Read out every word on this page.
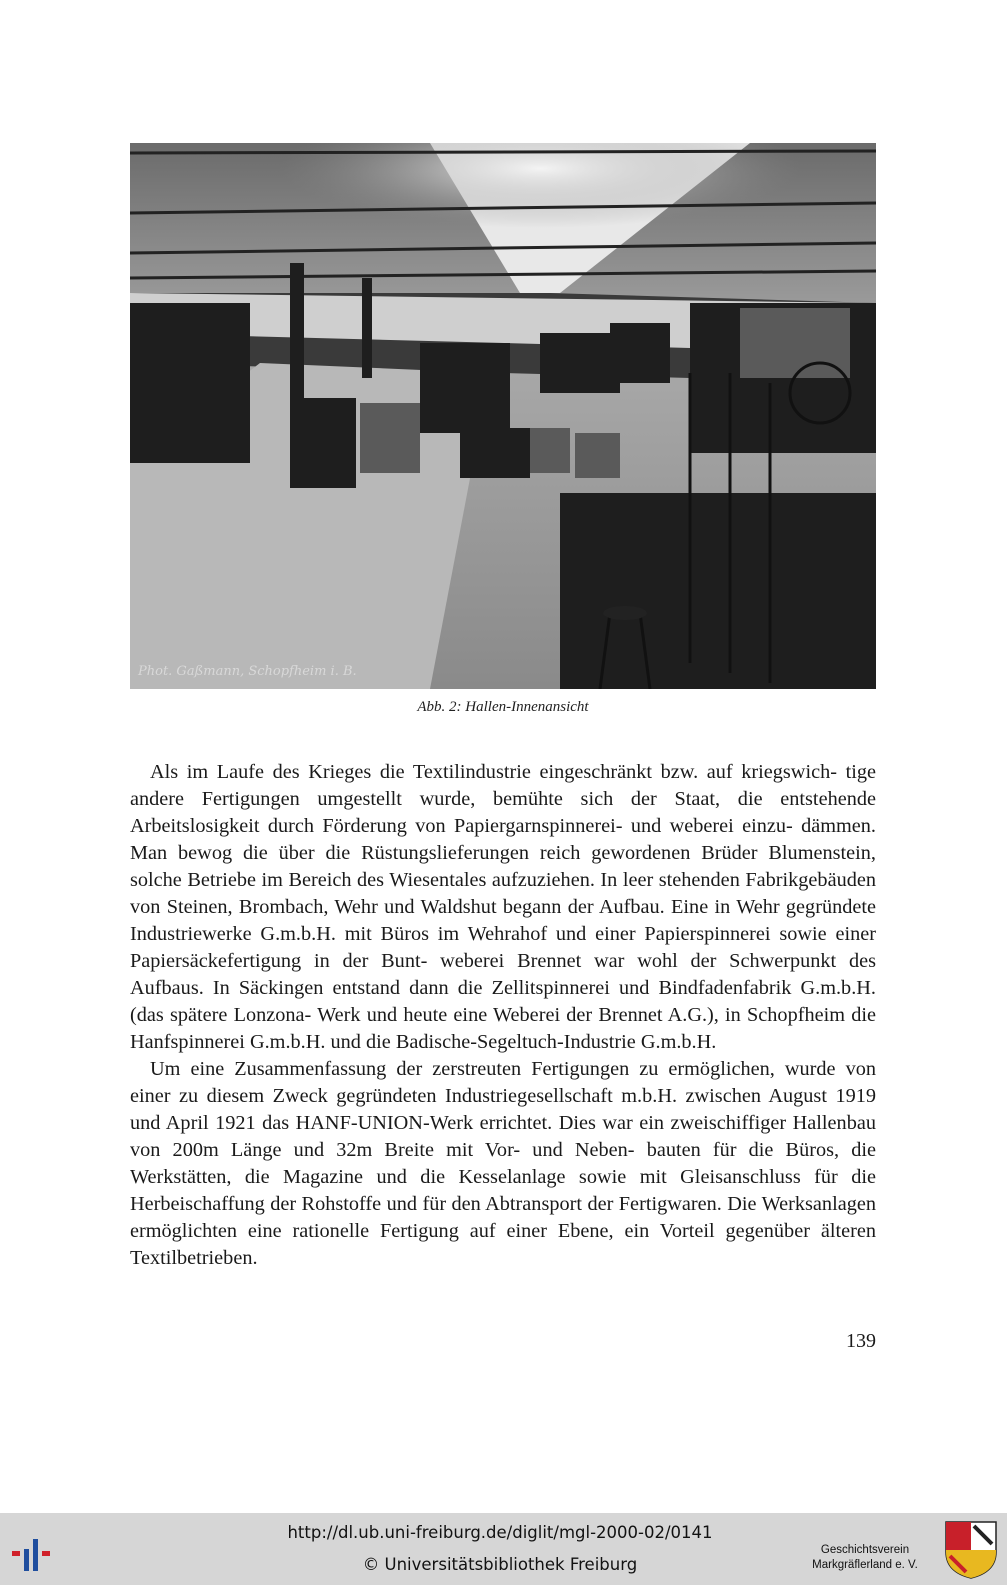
Phot. Gaßmann, Schopfheim i. B.
Abb. 2: Hallen-Innenansicht

Als im Laufe des Krieges die Textilindustrie eingeschränkt bzw. auf kriegswich- tige andere Fertigungen umgestellt wurde, bemühte sich der Staat, die entstehende Arbeitslosigkeit durch Förderung von Papiergarnspinnerei- und weberei einzu- dämmen. Man bewog die über die Rüstungslieferungen reich gewordenen Brüder Blumenstein, solche Betriebe im Bereich des Wiesentales aufzuziehen. In leer stehenden Fabrikgebäuden von Steinen, Brombach, Wehr und Waldshut begann der Aufbau. Eine in Wehr gegründete Industriewerke G.m.b.H. mit Büros im Wehrahof und einer Papierspinnerei sowie einer Papiersäckefertigung in der Bunt- weberei Brennet war wohl der Schwerpunkt des Aufbaus. In Säckingen entstand dann die Zellitspinnerei und Bindfadenfabrik G.m.b.H. (das spätere Lonzona- Werk und heute eine Weberei der Brennet A.G.), in Schopfheim die Hanfspinnerei G.m.b.H. und die Badische-Segeltuch-Industrie G.m.b.H.

Um eine Zusammenfassung der zerstreuten Fertigungen zu ermöglichen, wurde von einer zu diesem Zweck gegründeten Industriegesellschaft m.b.H. zwischen August 1919 und April 1921 das HANF-UNION-Werk errichtet. Dies war ein zweischiffiger Hallenbau von 200m Länge und 32m Breite mit Vor- und Neben- bauten für die Büros, die Werkstätten, die Magazine und die Kesselanlage sowie mit Gleisanschluss für die Herbeischaffung der Rohstoffe und für den Abtransport der Fertigwaren. Die Werksanlagen ermöglichten eine rationelle Fertigung auf einer Ebene, ein Vorteil gegenüber älteren Textilbetrieben.

139
http://dl.ub.uni-freiburg.de/diglit/mgl-2000-02/0141
© Universitätsbibliothek Freiburg
Geschichtsverein
Markgräflerland e. V.
